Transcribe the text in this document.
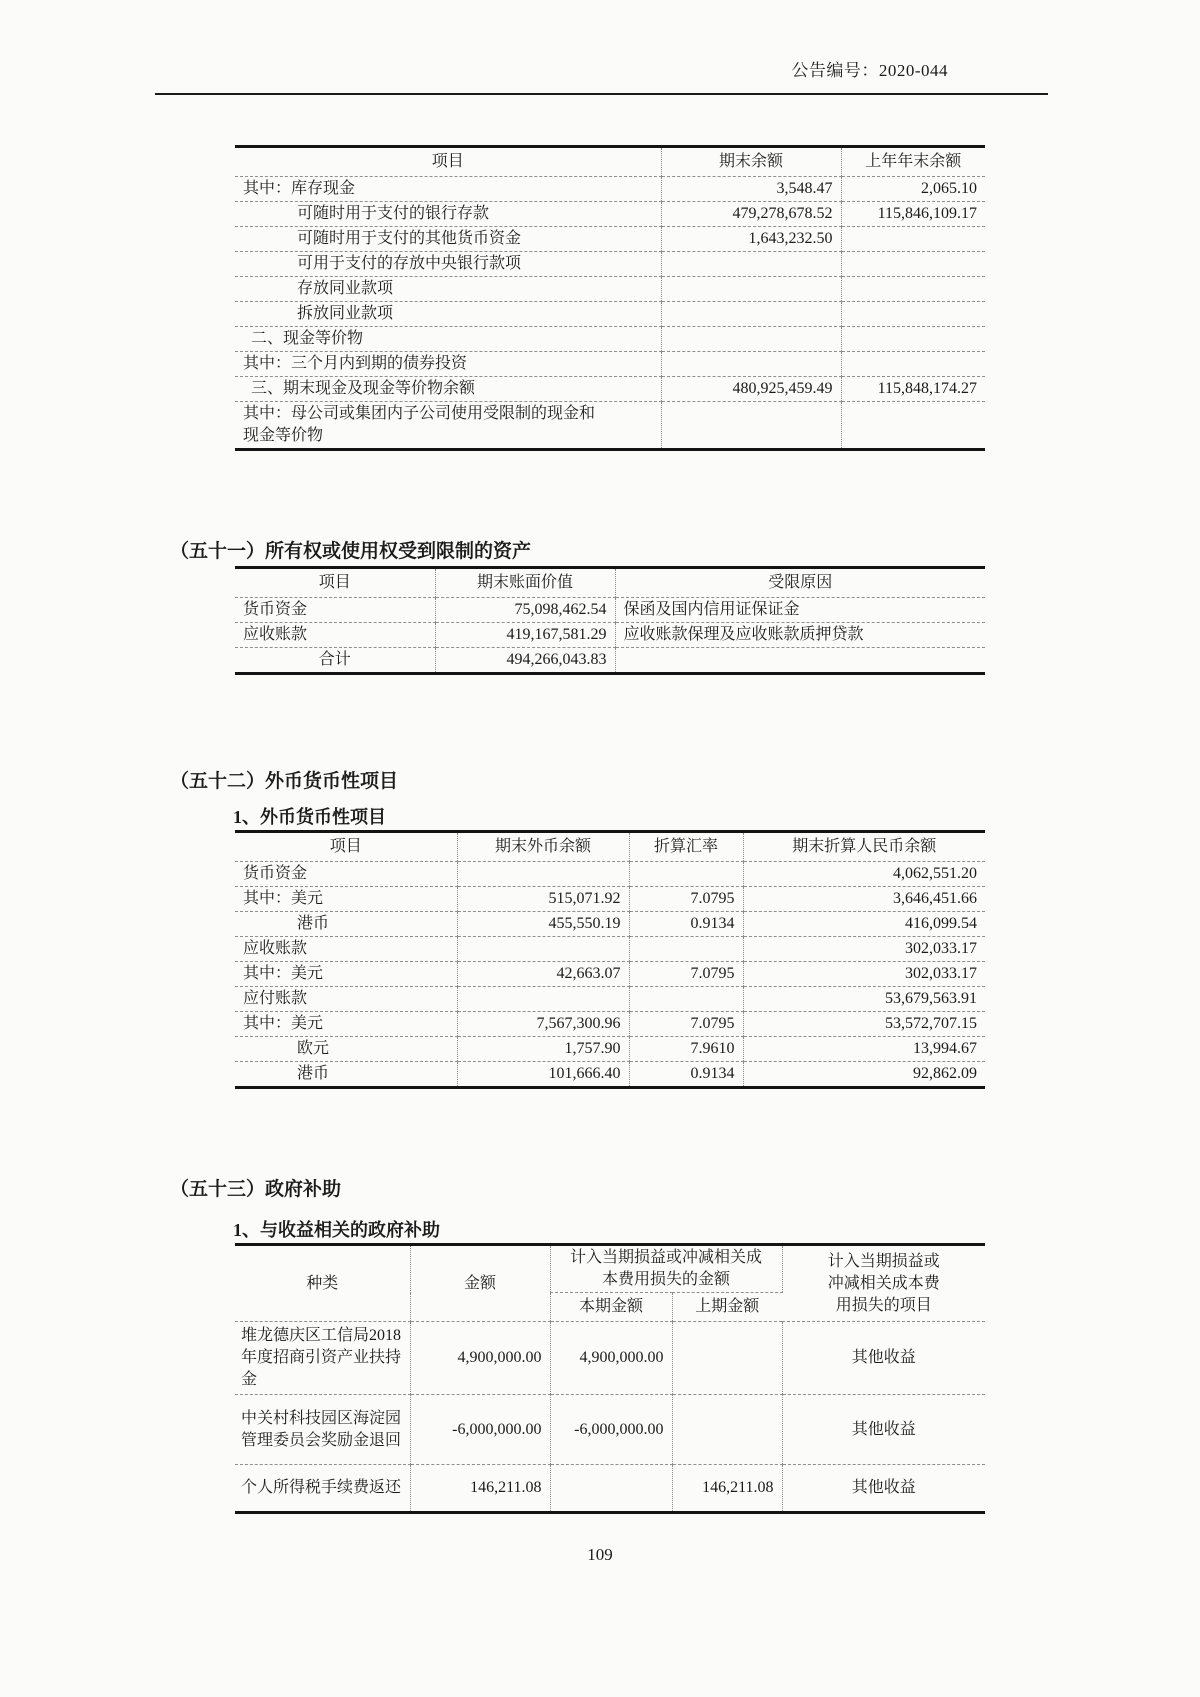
公告编号：2020-044
项目	期末余额	上年年末余额
其中：库存现金	3,548.47	2,065.10
可随时用于支付的银行存款	479,278,678.52	115,846,109.17
可随时用于支付的其他货币资金	1,643,232.50	
可用于支付的存放中央银行款项		
存放同业款项		
拆放同业款项		
二、现金等价物		
其中：三个月内到期的债券投资		
三、期末现金及现金等价物余额	480,925,459.49	115,848,174.27
其中：母公司或集团内子公司使用受限制的现金和现金等价物		
（五十一）所有权或使用权受到限制的资产
项目	期末账面价值	受限原因
货币资金	75,098,462.54	保函及国内信用证保证金
应收账款	419,167,581.29	应收账款保理及应收账款质押贷款
合计	494,266,043.83	
（五十二）外币货币性项目
1、外币货币性项目
项目	期末外币余额	折算汇率	期末折算人民币余额
货币资金			4,062,551.20
其中：美元	515,071.92	7.0795	3,646,451.66
港币	455,550.19	0.9134	416,099.54
应收账款			302,033.17
其中：美元	42,663.07	7.0795	302,033.17
应付账款			53,679,563.91
其中：美元	7,567,300.96	7.0795	53,572,707.15
欧元	1,757.90	7.9610	13,994.67
港币	101,666.40	0.9134	92,862.09
（五十三）政府补助
1、与收益相关的政府补助
种类	金额	计入当期损益或冲减相关成本费用损失的金额		计入当期损益或冲减相关成本费用损失的项目
		本期金额	上期金额	
堆龙德庆区工信局2018 年度招商引资产业扶持金	4,900,000.00	4,900,000.00		其他收益
中关村科技园区海淀园管理委员会奖励金退回	-6,000,000.00	-6,000,000.00		其他收益
个人所得税手续费返还	146,211.08		146,211.08	其他收益
109
